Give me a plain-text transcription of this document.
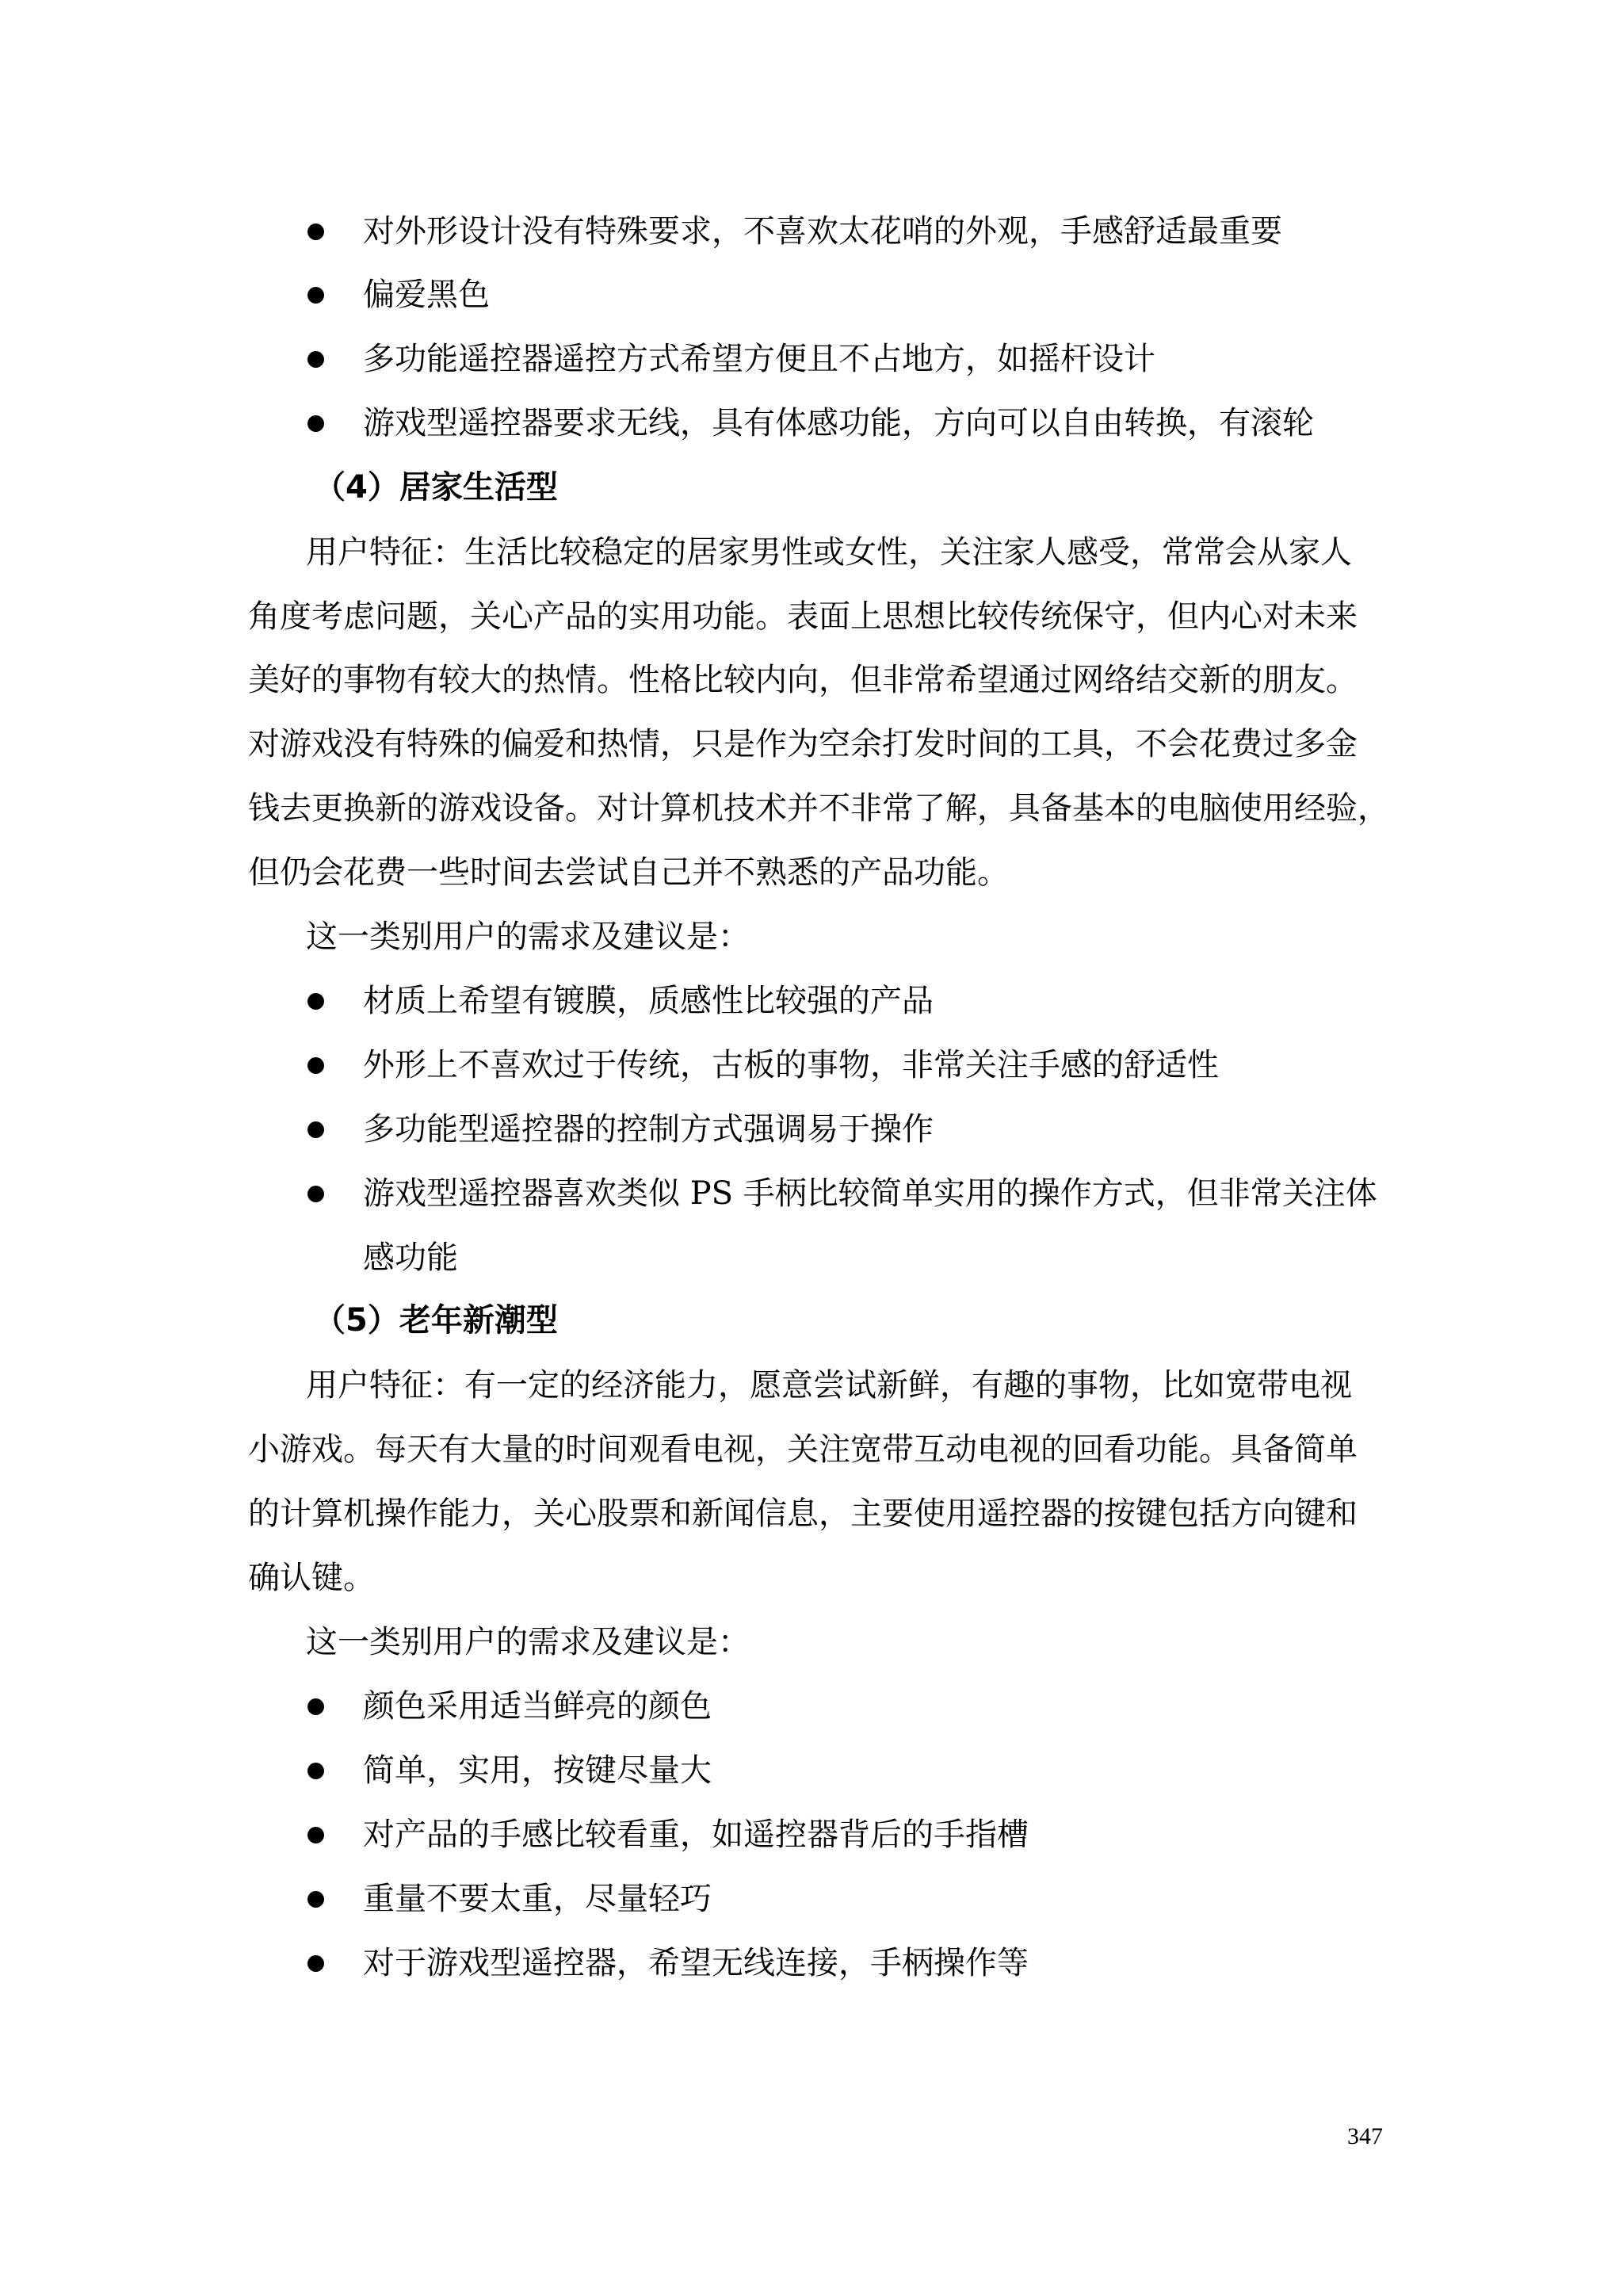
对外形设计没有特殊要求，不喜欢太花哨的外观，手感舒适最重要
偏爱黑色
多功能遥控器遥控方式希望方便且不占地方，如摇杆设计
游戏型遥控器要求无线，具有体感功能，方向可以自由转换，有滚轮
（4）居家生活型
用户特征：生活比较稳定的居家男性或女性，关注家人感受，常常会从家人
角度考虑问题，关心产品的实用功能。表面上思想比较传统保守，但内心对未来
美好的事物有较大的热情。性格比较内向，但非常希望通过网络结交新的朋友。
对游戏没有特殊的偏爱和热情，只是作为空余打发时间的工具，不会花费过多金
钱去更换新的游戏设备。对计算机技术并不非常了解，具备基本的电脑使用经验，
但仍会花费一些时间去尝试自己并不熟悉的产品功能。
这一类别用户的需求及建议是：
材质上希望有镀膜，质感性比较强的产品
外形上不喜欢过于传统，古板的事物，非常关注手感的舒适性
多功能型遥控器的控制方式强调易于操作
游戏型遥控器喜欢类似 PS 手柄比较简单实用的操作方式，但非常关注体
感功能
（5）老年新潮型
用户特征：有一定的经济能力，愿意尝试新鲜，有趣的事物，比如宽带电视
小游戏。每天有大量的时间观看电视，关注宽带互动电视的回看功能。具备简单
的计算机操作能力，关心股票和新闻信息，主要使用遥控器的按键包括方向键和
确认键。
这一类别用户的需求及建议是：
颜色采用适当鲜亮的颜色
简单，实用，按键尽量大
对产品的手感比较看重，如遥控器背后的手指槽
重量不要太重，尽量轻巧
对于游戏型遥控器，希望无线连接，手柄操作等
347
